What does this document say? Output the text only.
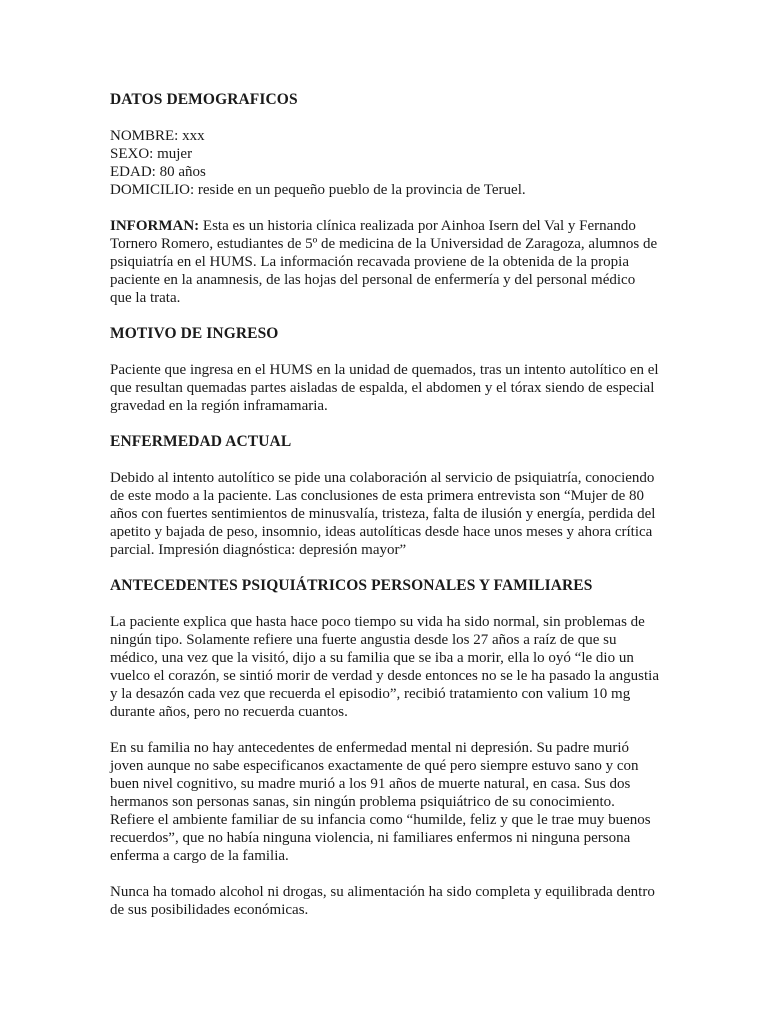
DATOS DEMOGRAFICOS
NOMBRE: xxx
SEXO: mujer
EDAD: 80 años
DOMICILIO: reside en un pequeño pueblo de la provincia de Teruel.

INFORMAN: Esta es un historia clínica realizada por Ainhoa Isern del Val y Fernando Tornero Romero, estudiantes de 5º de medicina de la Universidad de Zaragoza, alumnos de psiquiatría en el HUMS. La información recavada proviene de la obtenida de la propia paciente en la anamnesis, de las hojas del personal de enfermería y del personal médico que la trata.

MOTIVO DE INGRESO

Paciente que ingresa en el HUMS en la unidad de quemados, tras un intento autolítico en el que resultan quemadas partes aisladas de espalda, el abdomen y el tórax siendo de especial gravedad en la región inframamaria.

ENFERMEDAD ACTUAL

Debido al intento autolítico se pide una colaboración al servicio de psiquiatría, conociendo de este modo a la paciente. Las conclusiones de esta primera entrevista son “Mujer de 80 años con fuertes sentimientos de minusvalía, tristeza, falta de ilusión y energía, perdida del apetito y bajada de peso, insomnio, ideas autolíticas desde hace unos meses y ahora crítica parcial. Impresión diagnóstica: depresión mayor”

ANTECEDENTES PSIQUIÁTRICOS PERSONALES Y FAMILIARES

La paciente explica que hasta hace poco tiempo su vida ha sido normal, sin problemas de ningún tipo. Solamente refiere una fuerte angustia desde los 27 años a raíz de que su médico, una vez que la visitó, dijo a su familia que se iba a morir, ella lo oyó “le dio un vuelco el corazón, se sintió morir de verdad y desde entonces no se le ha pasado la angustia y la desazón cada vez que recuerda el episodio”, recibió tratamiento con valium 10 mg durante años, pero no recuerda cuantos.

En su familia no hay antecedentes de enfermedad mental ni depresión. Su padre murió joven aunque no sabe especificanos exactamente de qué pero siempre estuvo sano y con buen nivel cognitivo, su madre murió a los 91 años de muerte natural, en casa. Sus dos hermanos son personas sanas, sin ningún problema psiquiátrico de su conocimiento. Refiere el ambiente familiar de su infancia como “humilde, feliz y que le trae muy buenos recuerdos”, que no había ninguna violencia, ni familiares enfermos ni ninguna persona enferma a cargo de la familia.

Nunca ha tomado alcohol ni drogas, su alimentación ha sido completa y equilibrada dentro de sus posibilidades económicas.
